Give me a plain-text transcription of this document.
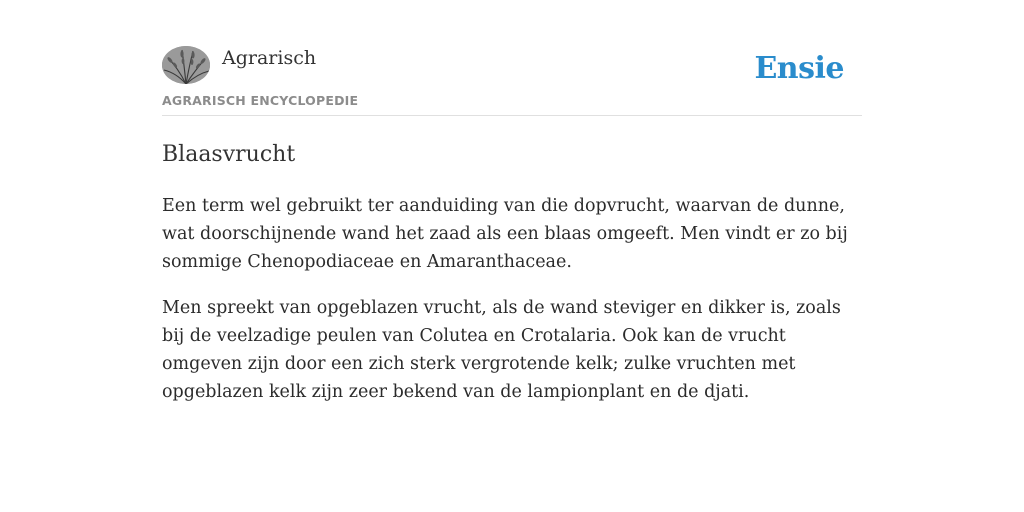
Agrarisch
AGRARISCH ENCYCLOPEDIE
Ensie
Blaasvrucht

Een term wel gebruikt ter aanduiding van die dopvrucht, waarvan de dunne, wat doorschijnende wand het zaad als een blaas omgeeft. Men vindt er zo bij sommige Chenopodiaceae en Amaranthaceae.

Men spreekt van opgeblazen vrucht, als de wand steviger en dikker is, zoals bij de veelzadige peulen van Colutea en Crotalaria. Ook kan de vrucht omgeven zijn door een zich sterk vergrotende kelk; zulke vruchten met opgeblazen kelk zijn zeer bekend van de lampionplant en de djati.
